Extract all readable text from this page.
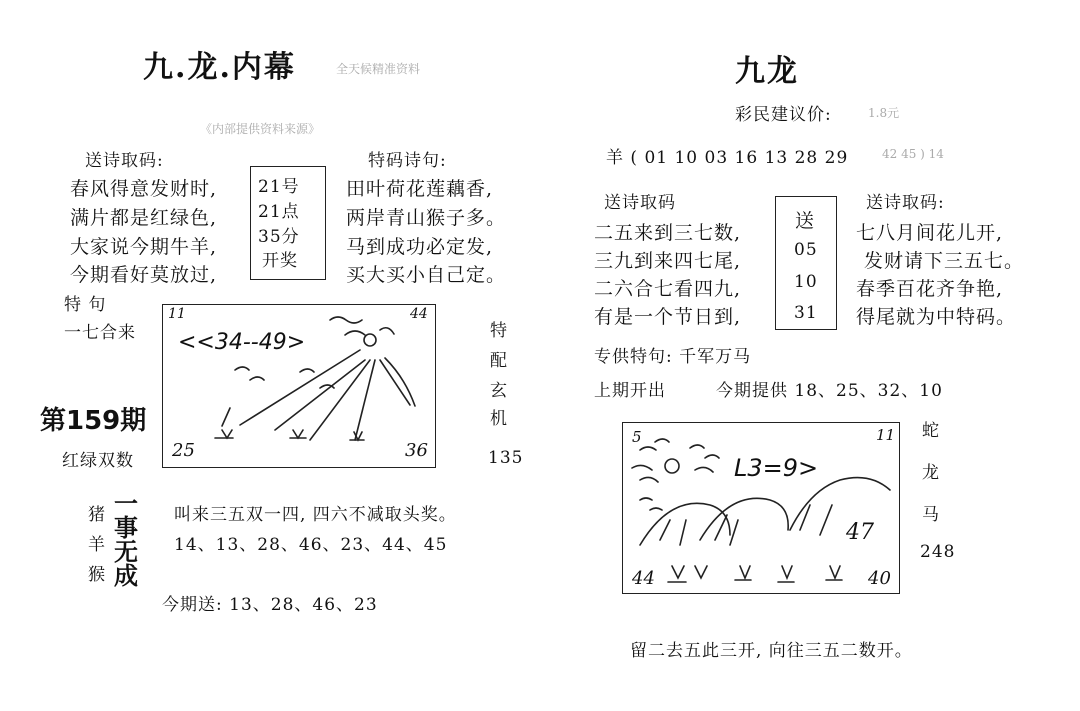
九.龙.内幕	全天候精准资料
《内部提供资料来源》
送诗取码:	特码诗句:
春风得意发财时,
满片都是红绿色,
大家说今期牛羊,
今期看好莫放过,
21号
21点
35分
开奖
田叶荷花莲藕香,
两岸青山猴子多。
马到成功必定发,
买大买小自己定。
特 句
一七合来
第159期
红绿双数
11	44
25	36
<<34--49>	特
配
玄
机
135
猪
羊
猴
一
事
无
成
叫来三五双一四, 四六不减取头奖。
14、13、28、46、23、44、45
今期送: 13、28、46、23
九龙
彩民建议价:	1.8元
羊 ( 01 10 03 16 13 28 29	42 45 ) 14
送诗取码	送诗取码:
二五来到三七数,
三九到来四七尾,
二六合七看四九,
有是一个节日到,
送
05
10
31
七八月间花儿开,
发财请下三五七。
春季百花齐争艳,
得尾就为中特码。
专供特句: 千军万马
上期开出	今期提供 18、25、32、10
5	11
44	40
47
L3=9>
蛇
龙
马
248
留二去五此三开, 向往三五二数开。
